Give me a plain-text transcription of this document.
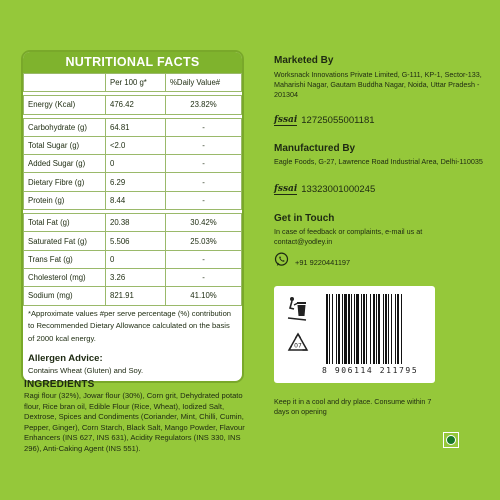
NUTRITIONAL FACTS
	Per 100 g*	%Daily Value#

Energy (Kcal)	476.42	23.82%

Carbohydrate (g)	64.81	-
Total Sugar (g)	<2.0	-
Added Sugar (g)	0	-
Dietary Fibre (g)	6.29	-
Protein (g)	8.44	-

Total Fat (g)	20.38	30.42%
Saturated Fat (g)	5.506	25.03%
Trans Fat (g)	0	-
Cholesterol (mg)	3.26	-
Sodium (mg)	821.91	41.10%
*Approximate values #per serve percentage (%) contribution to Recommended Dietary Allowance calculated on the basis of 2000 kcal energy.
Allergen Advice:
Contains Wheat (Gluten) and Soy.
INGREDIENTS
Ragi flour (32%), Jowar flour (30%), Corn grit, Dehydrated potato flour, Rice bran oil, Edible Flour (Rice, Wheat), Iodized Salt, Dextrose, Spices and Condiments (Coriander, Mint, Chilli, Cumin, Pepper, Ginger), Corn Starch, Black Salt, Mango Powder, Flavour Enhancers (INS 627, INS 631), Acidity Regulators (INS 330, INS 296), Anti-Caking Agent (INS 551).
Marketed By
Worksnack Innovations Private Limited, G-111, KP-1, Sector-133, Maharishi Nagar, Gautam Buddha Nagar, Noida, Uttar Pradesh - 201304
fssai 12725055001181
Manufactured By
Eagle Foods, G-27, Lawrence Road Industrial Area, Delhi-110035
fssai 13323001000245
Get in Touch
In case of feedback or complaints, e-mail us at contact@yodley.in
+91 9220441197
07
8 906114 211795
Keep it in a cool and dry place. Consume within 7 days on opening
